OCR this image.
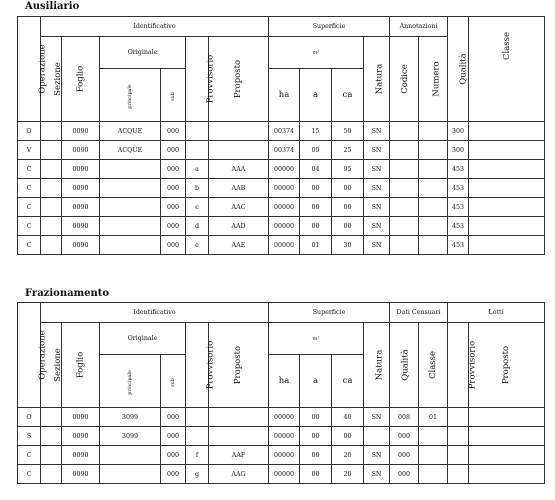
Ausiliario
Operazione	Identificativo						Superficie				Annotazioni		Qualità	Classe
	Sezione	Foglio	Originale		Provvisorio	Proposto	m²			Natura	Codice	Numero		
			principale	sub			ha	a	ca					
O		0090	ACQUE	000			00374	15	50	SN			300	
V		0090	ACQUE	000			00374	09	25	SN			300	
C		0090		000	a	AAA	00000	04	95	SN			453	
C		0090		000	b	AAB	00000	00	00	SN			453	
C		0090		000	c	AAC	00000	00	00	SN			453	
C		0090		000	d	AAD	00000	00	00	SN			453	
C		0090		000	e	AAE	00000	01	30	SN			453	
Frazionamento
Operazione	Identificativo						Superficie				Dati Censuari		Lotti	
	Sezione	Foglio	Originale		Provvisorio	Proposto	m²			Natura	Qualità	Classe	Provvisorio	Proposto
			principale	sub			ha	a	ca					
O		0090	3099	000			00000	00	40	SN	008	01		
S		0090	3099	000			00000	00	00		000			
C		0090		000	f	AAF	00000	00	20	SN	000			
C		0090		000	g	AAG	00000	00	20	SN	000			
